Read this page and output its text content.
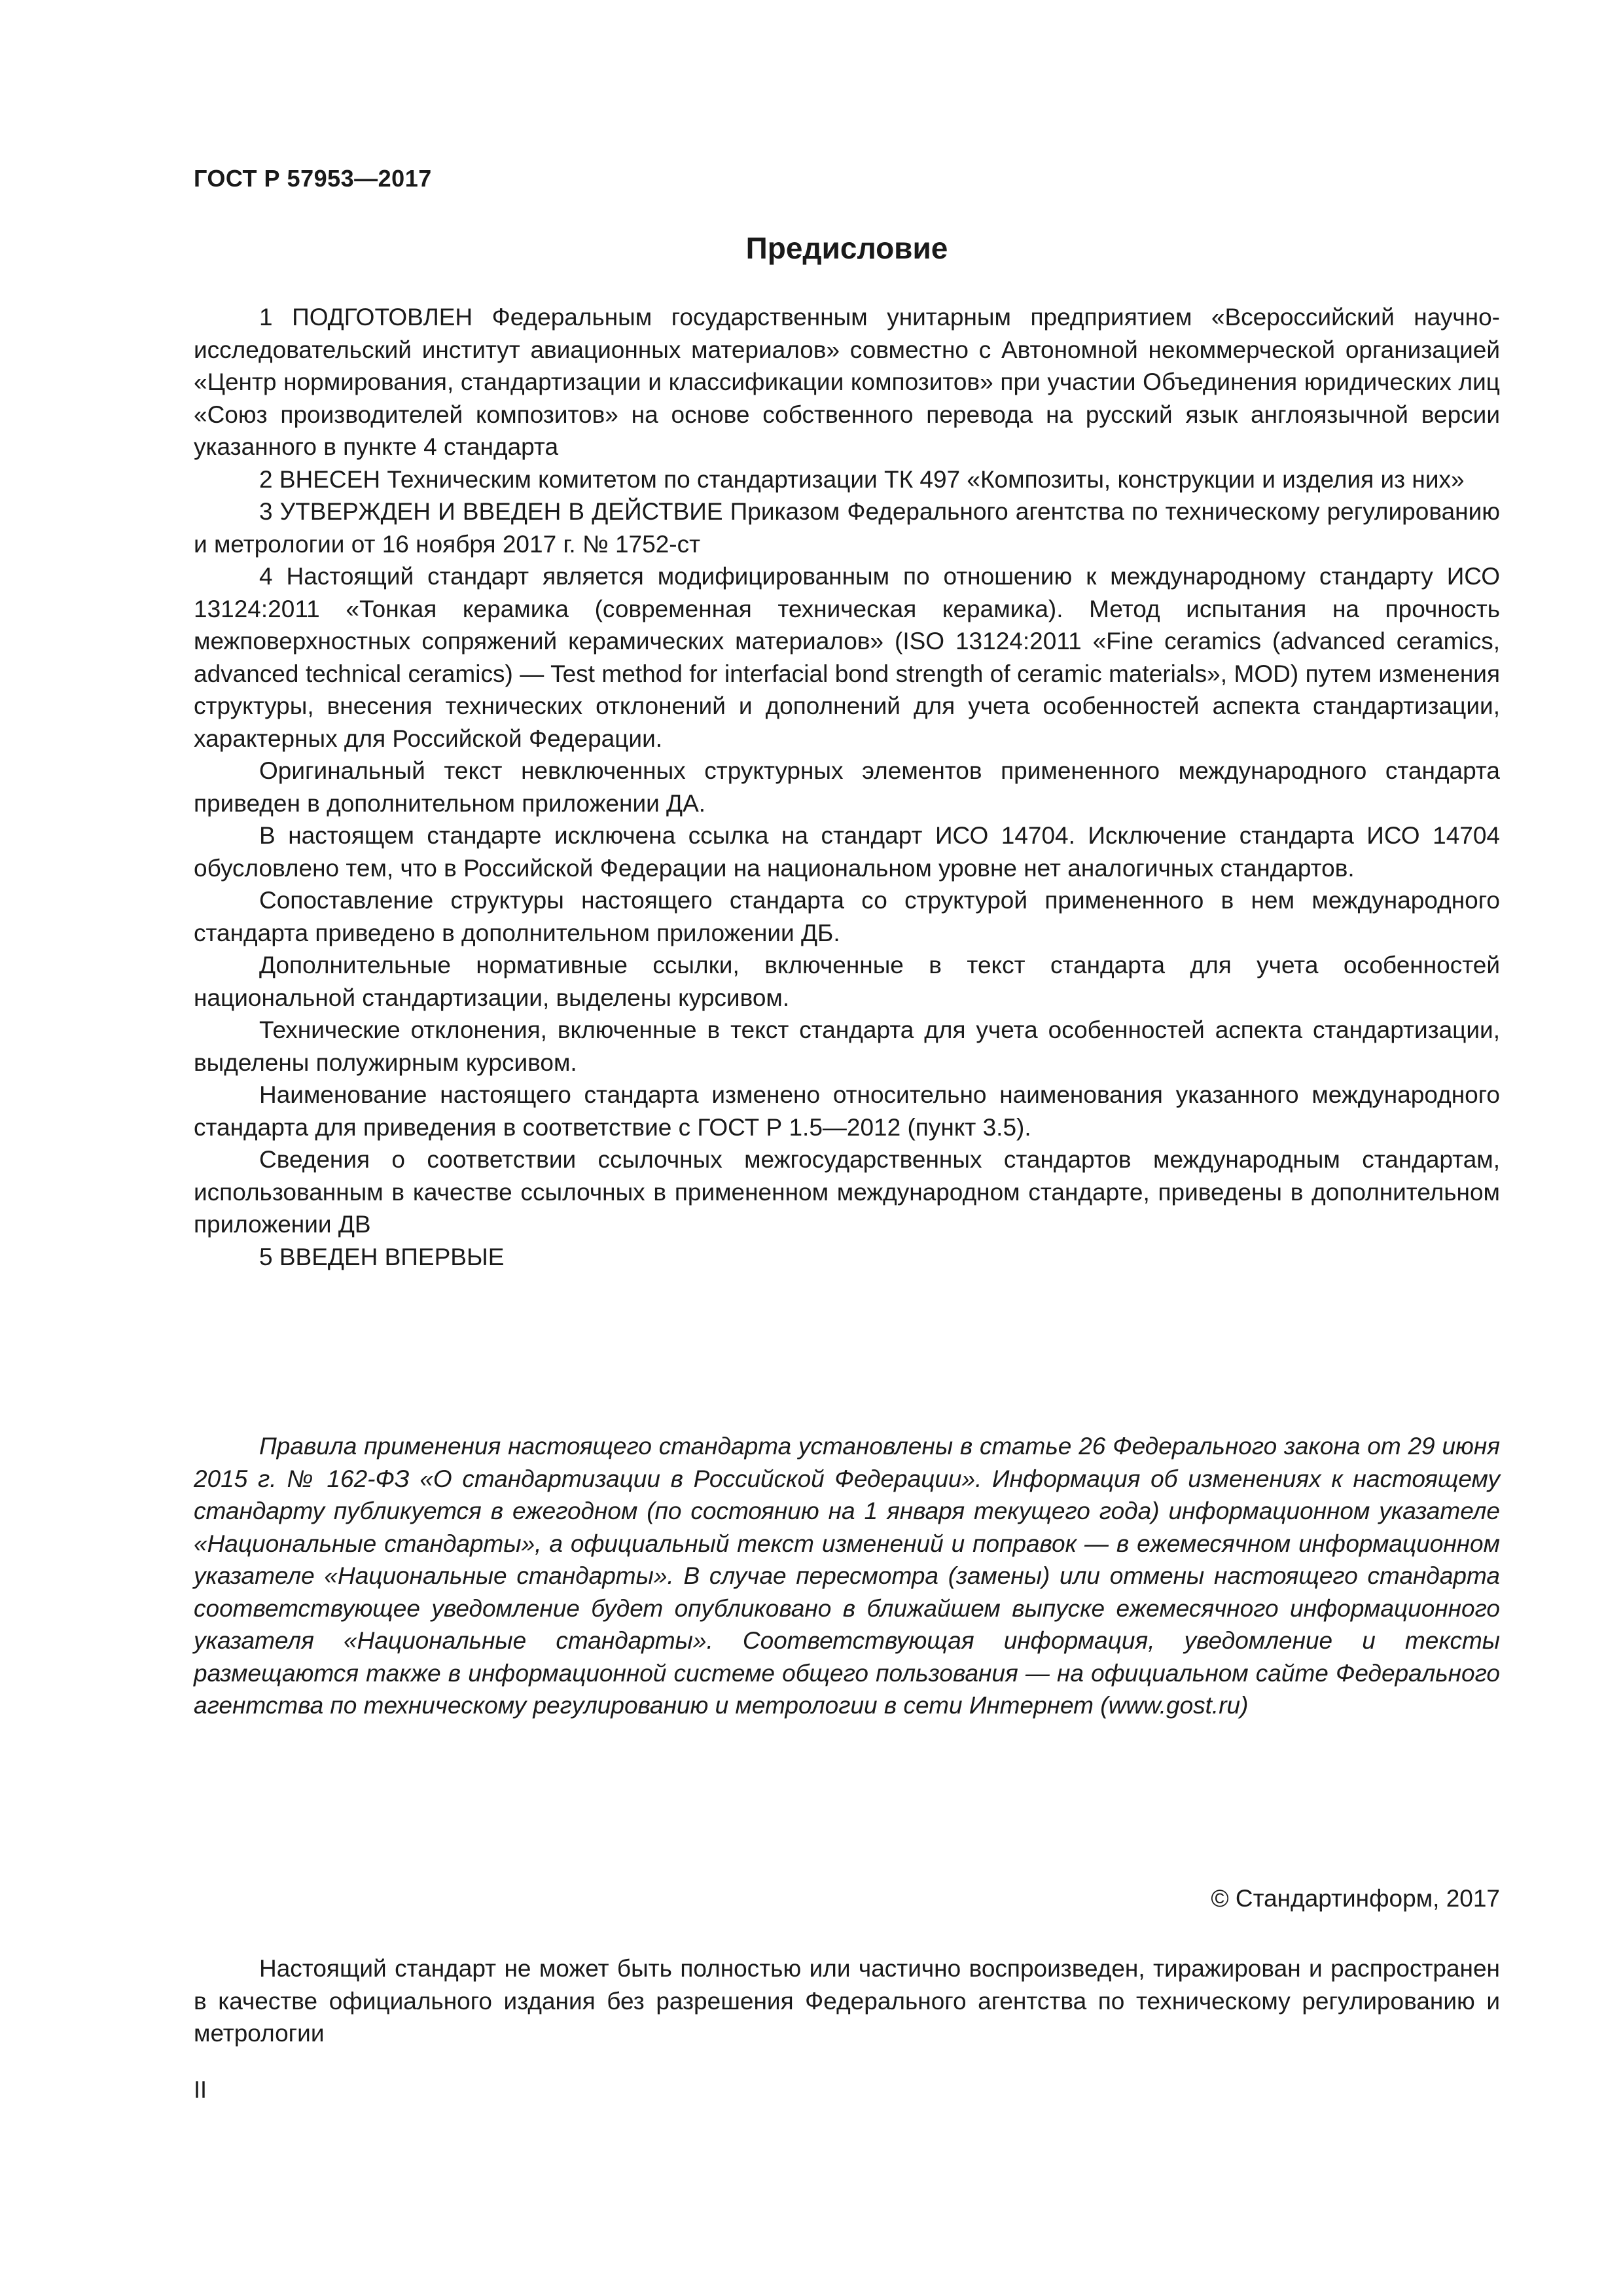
ГОСТ Р 57953—2017
Предисловие

1 ПОДГОТОВЛЕН Федеральным государственным унитарным предприятием «Всероссийский научно-исследовательский институт авиационных материалов» совместно с Автономной некоммерческой организацией «Центр нормирования, стандартизации и классификации композитов» при участии Объединения юридических лиц «Союз производителей композитов» на основе собственного перевода на русский язык англоязычной версии указанного в пункте 4 стандарта

2 ВНЕСЕН Техническим комитетом по стандартизации ТК 497 «Композиты, конструкции и изделия из них»

3 УТВЕРЖДЕН И ВВЕДЕН В ДЕЙСТВИЕ Приказом Федерального агентства по техническому регулированию и метрологии от 16 ноября 2017 г. № 1752-ст

4 Настоящий стандарт является модифицированным по отношению к международному стандарту ИСО 13124:2011 «Тонкая керамика (современная техническая керамика). Метод испытания на прочность межповерхностных сопряжений керамических материалов» (ISO 13124:2011 «Fine ceramics (advanced ceramics, advanced technical ceramics) — Test method for interfacial bond strength of ceramic materials», MOD) путем изменения структуры, внесения технических отклонений и дополнений для учета особенностей аспекта стандартизации, характерных для Российской Федерации.

Оригинальный текст невключенных структурных элементов примененного международного стандарта приведен в дополнительном приложении ДА.

В настоящем стандарте исключена ссылка на стандарт ИСО 14704. Исключение стандарта ИСО 14704 обусловлено тем, что в Российской Федерации на национальном уровне нет аналогичных стандартов.

Сопоставление структуры настоящего стандарта со структурой примененного в нем международного стандарта приведено в дополнительном приложении ДБ.

Дополнительные нормативные ссылки, включенные в текст стандарта для учета особенностей национальной стандартизации, выделены курсивом.

Технические отклонения, включенные в текст стандарта для учета особенностей аспекта стандартизации, выделены полужирным курсивом.

Наименование настоящего стандарта изменено относительно наименования указанного международного стандарта для приведения в соответствие с ГОСТ Р 1.5—2012 (пункт 3.5).

Сведения о соответствии ссылочных межгосударственных стандартов международным стандартам, использованным в качестве ссылочных в примененном международном стандарте, приведены в дополнительном приложении ДВ

5 ВВЕДЕН ВПЕРВЫЕ

Правила применения настоящего стандарта установлены в статье 26 Федерального закона от 29 июня 2015 г. № 162-ФЗ «О стандартизации в Российской Федерации». Информация об изменениях к настоящему стандарту публикуется в ежегодном (по состоянию на 1 января текущего года) информационном указателе «Национальные стандарты», а официальный текст изменений и поправок — в ежемесячном информационном указателе «Национальные стандарты». В случае пересмотра (замены) или отмены настоящего стандарта соответствующее уведомление будет опубликовано в ближайшем выпуске ежемесячного информационного указателя «Национальные стандарты». Соответствующая информация, уведомление и тексты размещаются также в информационной системе общего пользования — на официальном сайте Федерального агентства по техническому регулированию и метрологии в сети Интернет (www.gost.ru)

© Стандартинформ, 2017

Настоящий стандарт не может быть полностью или частично воспроизведен, тиражирован и распространен в качестве официального издания без разрешения Федерального агентства по техническому регулированию и метрологии

II
